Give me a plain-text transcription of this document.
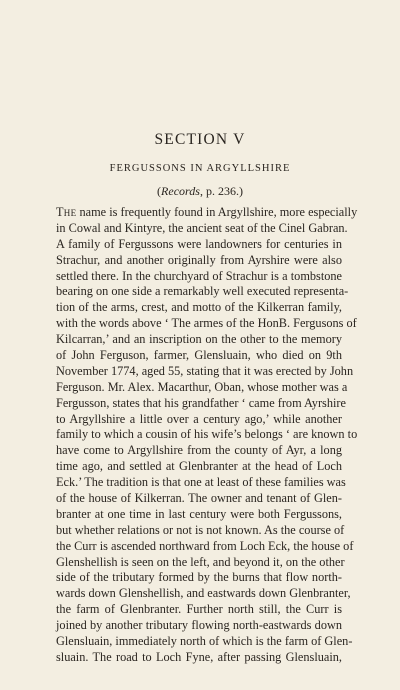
SECTION V
FERGUSSONS IN ARGYLLSHIRE
(Records, p. 236.)
The name is frequently found in Argyllshire, more especially
in Cowal and Kintyre, the ancient seat of the Cinel Gabran.
A family of Fergussons were landowners for centuries in
Strachur, and another originally from Ayrshire were also
settled there. In the churchyard of Strachur is a tombstone
bearing on one side a remarkably well executed representa-
tion of the arms, crest, and motto of the Kilkerran family,
with the words above ‘ The armes of the HonB. Fergusons of
Kilcarran,’ and an inscription on the other to the memory
of John Ferguson, farmer, Glensluain, who died on 9th
November 1774, aged 55, stating that it was erected by John
Ferguson. Mr. Alex. Macarthur, Oban, whose mother was a
Fergusson, states that his grandfather ‘ came from Ayrshire
to Argyllshire a little over a century ago,’ while another
family to which a cousin of his wife’s belongs ‘ are known to
have come to Argyllshire from the county of Ayr, a long
time ago, and settled at Glenbranter at the head of Loch
Eck.’ The tradition is that one at least of these families was
of the house of Kilkerran. The owner and tenant of Glen-
branter at one time in last century were both Fergussons,
but whether relations or not is not known. As the course of
the Curr is ascended northward from Loch Eck, the house of
Glenshellish is seen on the left, and beyond it, on the other
side of the tributary formed by the burns that flow north-
wards down Glenshellish, and eastwards down Glenbranter,
the farm of Glenbranter. Further north still, the Curr is
joined by another tributary flowing north-eastwards down
Glensluain, immediately north of which is the farm of Glen-
sluain. The road to Loch Fyne, after passing Glensluain,
